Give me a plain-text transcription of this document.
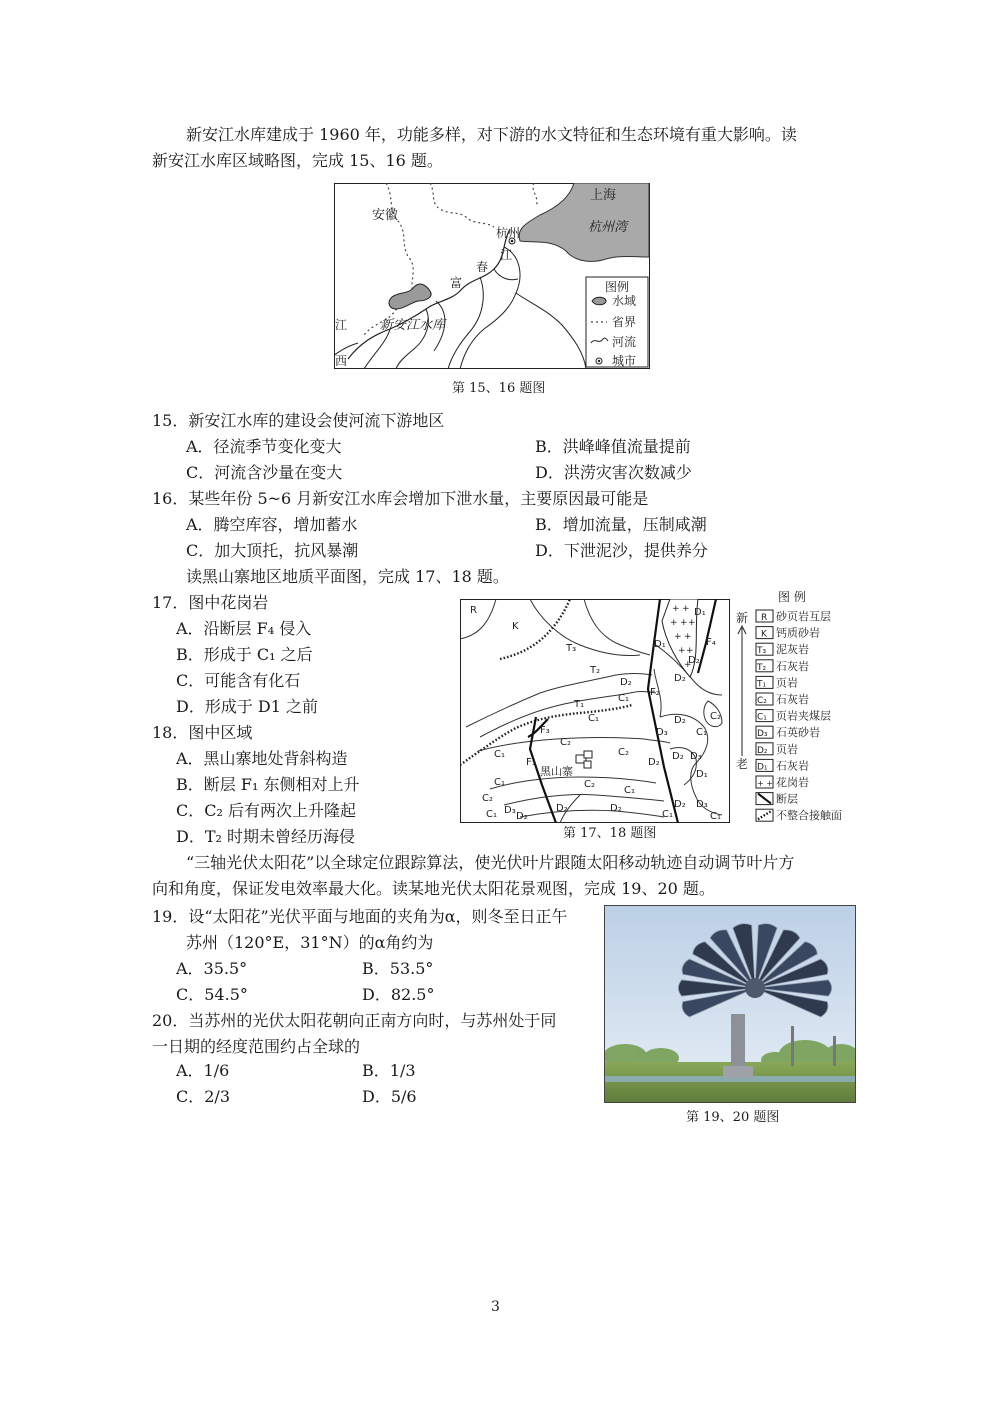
新安江水库建成于 1960 年，功能多样，对下游的水文特征和生态环境有重大影响。读
新安江水库区域略图，完成 15、16 题。
上海
杭州湾
安徽
杭州
春
江
富
新安江水库
江
西
图例
水域
省界
河流
城市
第 15、16 题图
15．新安江水库的建设会使河流下游地区
A．径流季节变化变大	B．洪峰峰值流量提前
C．河流含沙量在变大	D．洪涝灾害次数减少
16．某些年份 5~6 月新安江水库会增加下泄水量，主要原因最可能是
A．腾空库容，增加蓄水	B．增加流量，压制咸潮
C．加大顶托，抗风暴潮	D．下泄泥沙，提供养分
读黑山寨地区地质平面图，完成 17、18 题。
17．图中花岗岩
A．沿断层 F₄ 侵入
B．形成于 C₁ 之后
C．可能含有化石
D．形成于 D1 之前
18．图中区域
A．黑山寨地处背斜构造
B．断层 F₁ 东侧相对上升
C．C₂ 后有两次上升隆起
D．T₂ 时期未曾经历海侵
+ +
+ + +
+ +
+ +
+
R
K
T₃
T₂
T₁
C₁
C₁
C₁
C₂
C₂
C₁
C₂
D₂	D₂
C₁
D₂
D₁
D₂
D₁
D₂
D₃
D₂
C₁
C₂
D₂ D₃
D₁
D₃
D₂
C₁
D₂
C₁
C₂
C₁ D₃
D₂
F₃
F₁
F₂
F₄
黑山寨
第 17、18 题图
图 例
新
老
R 砂页岩互层
K 钙质砂岩
T₃ 泥灰岩
T₂ 石灰岩
T₁ 页岩
C₂ 石灰岩
C₁ 页岩夹煤层
D₃ 石英砂岩
D₂ 页岩
D₁ 石灰岩
+ + 花岗岩
断层
不整合接触面
“三轴光伏太阳花”以全球定位跟踪算法，使光伏叶片跟随太阳移动轨迹自动调节叶片方
向和角度，保证发电效率最大化。读某地光伏太阳花景观图，完成 19、20 题。
19．设“太阳花”光伏平面与地面的夹角为α，则冬至日正午
苏州（120°E，31°N）的α角约为
A．35.5°	B．53.5°
C．54.5°	D．82.5°
20．当苏州的光伏太阳花朝向正南方向时，与苏州处于同
一日期的经度范围约占全球的
A．1/6	B．1/3
C．2/3	D．5/6
第 19、20 题图
3
